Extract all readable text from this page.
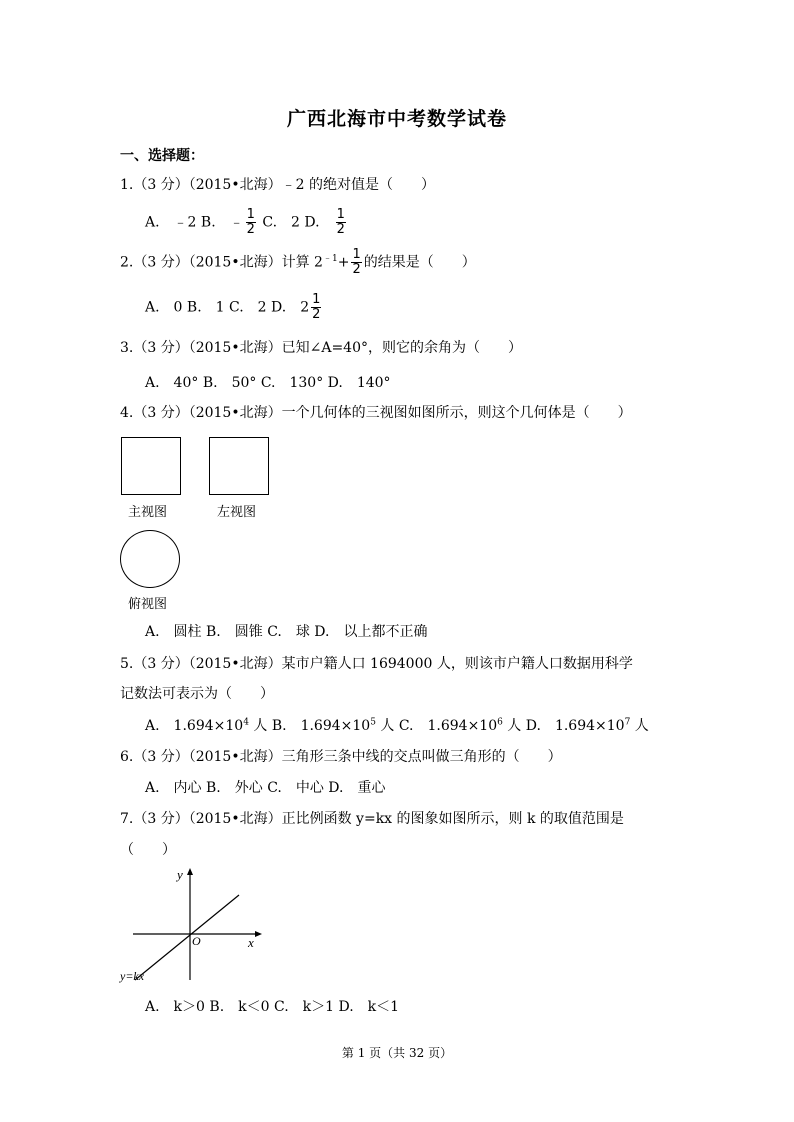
广西北海市中考数学试卷
一、选择题：
1.（3 分）（2015•北海）﹣2 的绝对值是（　　）
A.　﹣2 B.　﹣ $\frac{1}{2} C$.　2 D.　 $\frac{1}{2}$
2.（3 分）（2015•北海）计算 $2^{﹣1}+ \frac{1}{2}$ 的结果是（　　）
A.　0 B.　1 C.　2 D.　$2 \frac{1}{2}$
3.（3 分）（2015•北海）已知∠A=40°，则它的余角为（　　）
A.　40° B.　50° C.　130° D.　140°
4.（3 分）（2015•北海）一个几何体的三视图如图所示，则这个几何体是（　　）
主视图	左视图
俯视图
A.　圆柱 B.　圆锥 C.　球 D.　以上都不正确
5.（3 分）（2015•北海）某市户籍人口 1694000 人，则该市户籍人口数据用科学
记数法可表示为（　　）
A.　$1.694\times 10^4$ 人 B.　$1.694\times 10^5$ 人 C.　$1.694\times 10^6$ 人 D.　$1.694\times 10^7$ 人
6.（3 分）（2015•北海）三角形三条中线的交点叫做三角形的（　　）
A.　内心 B.　外心 C.　中心 D.　重心
7.（3 分）（2015•北海）正比例函数 y=kx 的图象如图所示，则 k 的取值范围是
（　　）
y
x
O
y=kx
A.　k＞0 B.　k＜0 C.　k＞1 D.　k＜1
第 1 页（共 32 页）
